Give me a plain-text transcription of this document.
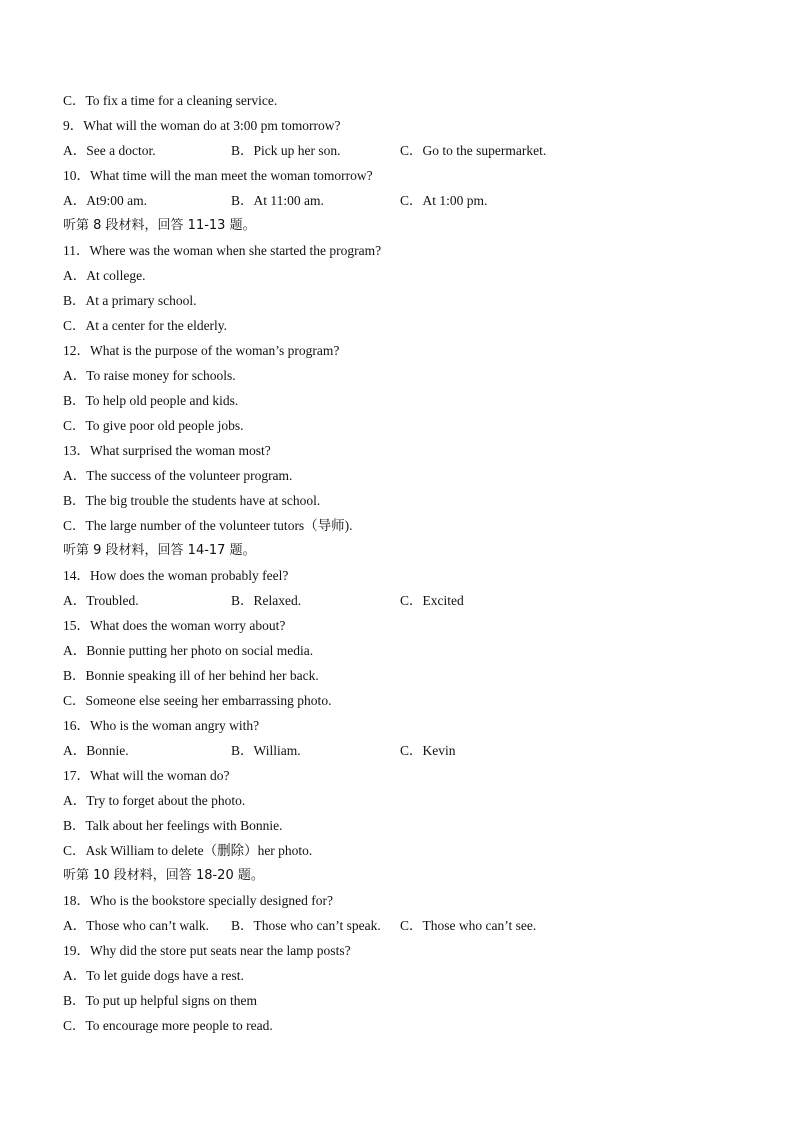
C．To fix a time for a cleaning service.
9．What will the woman do at 3:00 pm tomorrow?
A．See a doctor.	B．Pick up her son.	C．Go to the supermarket.
10．What time will the man meet the woman tomorrow?
A．At9:00 am.	B．At 11:00 am.	C．At 1:00 pm.
听第 8 段材料，回答 11-13 题。
11．Where was the woman when she started the program?
A．At college.
B．At a primary school.
C．At a center for the elderly.
12．What is the purpose of the woman’s program?
A．To raise money for schools.
B．To help old people and kids.
C．To give poor old people jobs.
13．What surprised the woman most?
A．The success of the volunteer program.
B．The big trouble the students have at school.
C．The large number of the volunteer tutors（导师).
听第 9 段材料，回答 14-17 题。
14．How does the woman probably feel?
A．Troubled.	B．Relaxed.	C．Excited
15．What does the woman worry about?
A．Bonnie putting her photo on social media.
B．Bonnie speaking ill of her behind her back.
C．Someone else seeing her embarrassing photo.
16．Who is the woman angry with?
A．Bonnie.	B．William.	C．Kevin
17．What will the woman do?
A．Try to forget about the photo.
B．Talk about her feelings with Bonnie.
C．Ask William to delete（删除）her photo.
听第 10 段材料，回答 18-20 题。
18．Who is the bookstore specially designed for?
A．Those who can’t walk. B．Those who can’t speak. C．Those who can’t see.
19．Why did the store put seats near the lamp posts?
A．To let guide dogs have a rest.
B．To put up helpful signs on them
C．To encourage more people to read.
